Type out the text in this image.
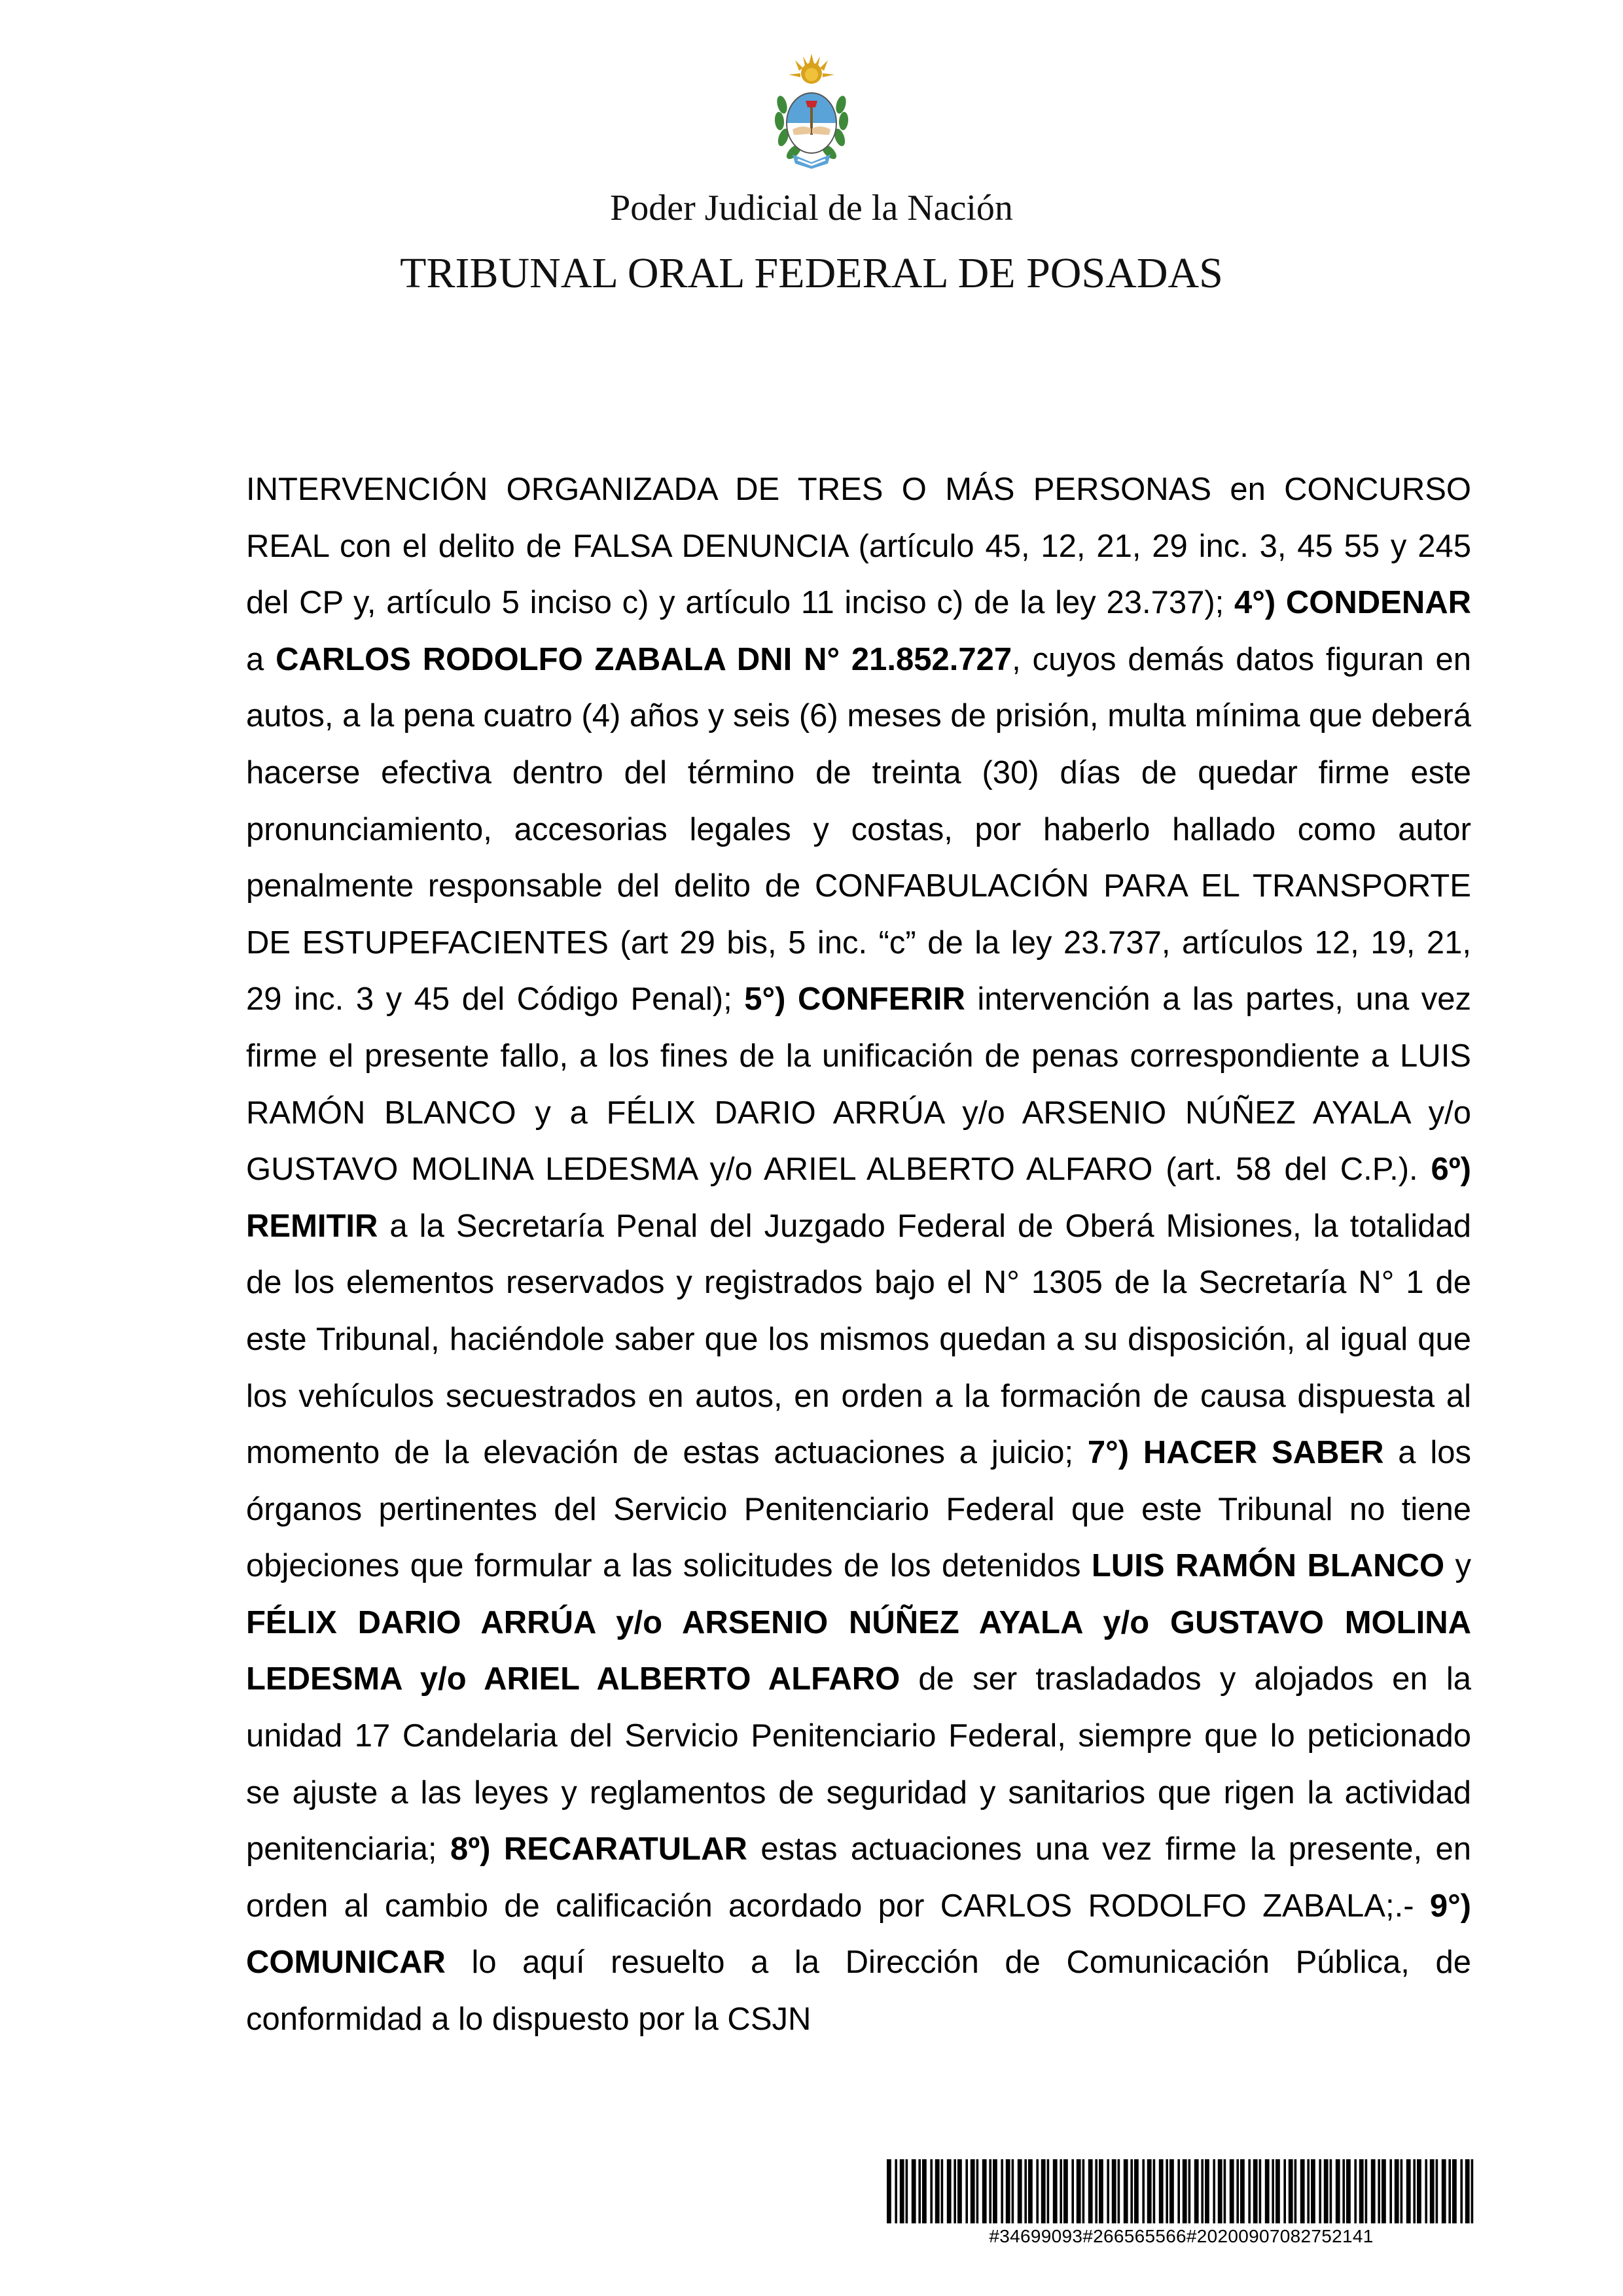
Poder Judicial de la Nación
TRIBUNAL ORAL FEDERAL DE POSADAS

INTERVENCIÓN ORGANIZADA DE TRES O MÁS PERSONAS en CONCURSO REAL con el delito de FALSA DENUNCIA (artículo 45, 12, 21, 29 inc. 3, 45 55 y 245 del CP y, artículo 5 inciso c) y artículo 11 inciso c) de la ley 23.737); 4°) CONDENAR a CARLOS RODOLFO ZABALA DNI N° 21.852.727, cuyos demás datos figuran en autos, a la pena cuatro (4) años y seis (6) meses de prisión, multa mínima que deberá hacerse efectiva dentro del término de treinta (30) días de quedar firme este pronunciamiento, accesorias legales y costas, por haberlo hallado como autor penalmente responsable del delito de CONFABULACIÓN PARA EL TRANSPORTE DE ESTUPEFACIENTES (art 29 bis, 5 inc. “c” de la ley 23.737, artículos 12, 19, 21, 29 inc. 3 y 45 del Código Penal); 5°) CONFERIR intervención a las partes, una vez firme el presente fallo, a los fines de la unificación de penas correspondiente a LUIS RAMÓN BLANCO y a FÉLIX DARIO ARRÚA y/o ARSENIO NÚÑEZ AYALA y/o GUSTAVO MOLINA LEDESMA y/o ARIEL ALBERTO ALFARO (art. 58 del C.P.). 6º) REMITIR a la Secretaría Penal del Juzgado Federal de Oberá Misiones, la totalidad de los elementos reservados y registrados bajo el N° 1305 de la Secretaría N° 1 de este Tribunal, haciéndole saber que los mismos quedan a su disposición, al igual que los vehículos secuestrados en autos, en orden a la formación de causa dispuesta al momento de la elevación de estas actuaciones a juicio; 7°) HACER SABER a los órganos pertinentes del Servicio Penitenciario Federal que este Tribunal no tiene objeciones que formular a las solicitudes de los detenidos LUIS RAMÓN BLANCO y FÉLIX DARIO ARRÚA y/o ARSENIO NÚÑEZ AYALA y/o GUSTAVO MOLINA LEDESMA y/o ARIEL ALBERTO ALFARO de ser trasladados y alojados en la unidad 17 Candelaria del Servicio Penitenciario Federal, siempre que lo peticionado se ajuste a las leyes y reglamentos de seguridad y sanitarios que rigen la actividad penitenciaria; 8º) RECARATULAR estas actuaciones una vez firme la presente, en orden al cambio de calificación acordado por CARLOS RODOLFO ZABALA;.- 9°) COMUNICAR lo aquí resuelto a la Dirección de Comunicación Pública, de conformidad a lo dispuesto por la CSJN

#34699093#266565566#20200907082752141
